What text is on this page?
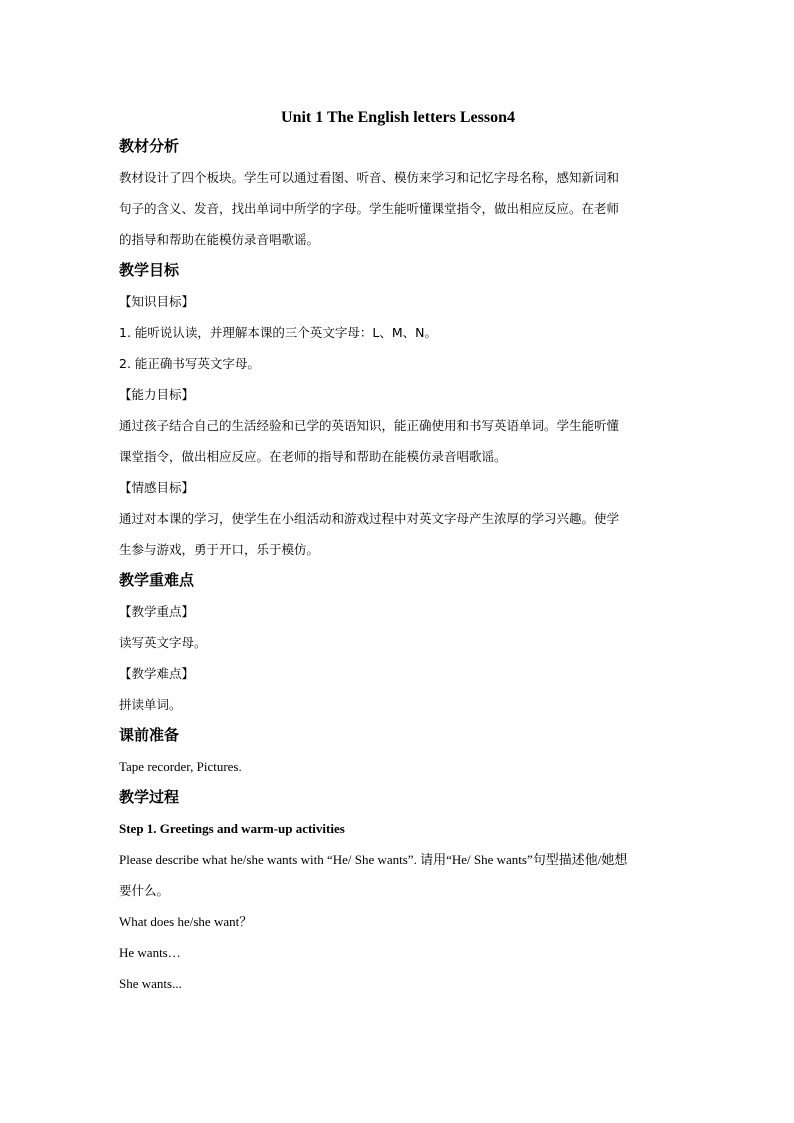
Unit 1 The English letters Lesson4
教材分析
教材设计了四个板块。学生可以通过看图、听音、模仿来学习和记忆字母名称，感知新词和
句子的含义、发音，找出单词中所学的字母。学生能听懂课堂指令，做出相应反应。在老师
的指导和帮助在能模仿录音唱歌谣。
教学目标
【知识目标】
1. 能听说认读，并理解本课的三个英文字母：L、M、N。
2. 能正确书写英文字母。
【能力目标】
通过孩子结合自己的生活经验和已学的英语知识，能正确使用和书写英语单词。学生能听懂
课堂指令，做出相应反应。在老师的指导和帮助在能模仿录音唱歌谣。
【情感目标】
通过对本课的学习，使学生在小组活动和游戏过程中对英文字母产生浓厚的学习兴趣。使学
生参与游戏，勇于开口，乐于模仿。
教学重难点
【教学重点】
读写英文字母。
【教学难点】
拼读单词。
课前准备
Tape recorder, Pictures.
教学过程
Step 1. Greetings and warm-up activities
Please describe what he/she wants with “He/ She wants”. 请用“He/ She wants”句型描述他/她想
要什么。
What does he/she want？
He wants…
She wants...
